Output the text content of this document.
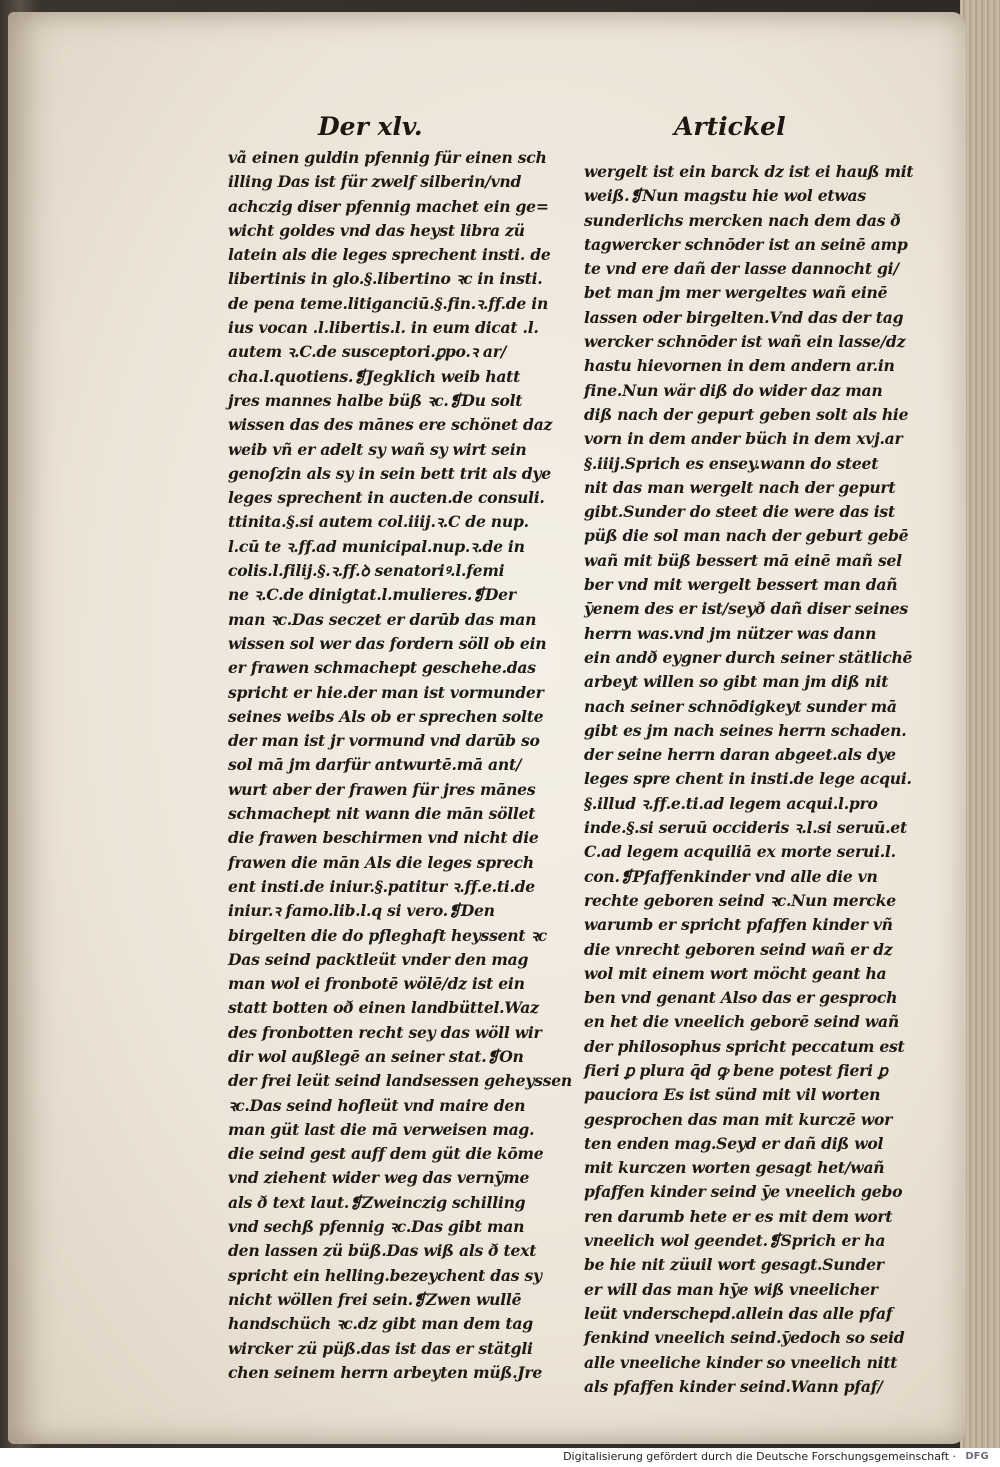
Der xlv.	Artickel
vã einen guldin pfennig für einen sch
illing Das ist für zwelf silberin/vnd
achczig diser pfennig machet ein ge=
wicht goldes vnd das heyst libra zü
latein als die leges sprechent insti. de
libertinis in glo.§.libertino ꝛc in insti.
de pena teme.litiganciū.§.fin.ꝛ.ff.de in
ius vocan .l.libertis.l. in eum dicat .l.
autem ꝛ.C.de susceptori.ꝑpo.ꝛ ar/
cha.l.quotiens.❡Jegklich weib hatt
jres mannes halbe büß ꝛc.❡Du solt
wissen das des mānes ere schönet daz
weib vñ er adelt sy wañ sy wirt sein
genoſzin als sy in sein bett trit als dye
leges sprechent in aucten.de consuli.
ttinita.§.si autem col.iiij.ꝛ.C de nup.
l.cū te ꝛ.ff.ad municipal.nup.ꝛ.de in
colis.l.filij.§.ꝛ.ff.ꝺ senatoriꝰ.l.femi
ne ꝛ.C.de dinigtat.l.mulieres.❡Der
man ꝛc.Das seczet er darūb das man
wissen sol wer das fordern söll ob ein
er frawen schmachept geschehe.das
spricht er hie.der man ist vormunder
seines weibs Als ob er sprechen solte
der man ist jr vormund vnd darūb so
sol mā jm darfür antwurtē.mā ant/
wurt aber der frawen für jres mānes
schmachept nit wann die mān söllet
die frawen beschirmen vnd nicht die
frawen die mān Als die leges sprech
ent insti.de iniur.§.patitur ꝛ.ff.e.ti.de
iniur.ꝛ famo.lib.l.q si vero.❡Den
birgelten die do pfleghaft heyssent ꝛc
Das seind packtleüt vnder den mag
man wol ei fronbotē wölē/dz ist ein
statt botten oð einen landbüttel.Waz
des fronbotten recht sey das wöll wir
dir wol außlegē an seiner stat.❡On
der frei leüt seind landsessen geheyssen
ꝛc.Das seind hofleüt vnd maire den
man güt last die mā verweisen mag.
die seind gest auff dem güt die kōme
vnd ziehent wider weg das vernȳme
als ð text laut.❡Zweinczig schilling
vnd sechß pfennig ꝛc.Das gibt man
den lassen zü büß.Das wiß als ð text
spricht ein helling.bezeychent das sy
nicht wöllen frei sein.❡Zwen wullē
handschüch ꝛc.dz gibt man dem tag
wircker zü püß.das ist das er stätgli
chen seinem herrn arbeyten müß.Jre
wergelt ist ein barck dz ist ei hauß mit
weiß.❡Nun magstu hie wol etwas
sunderlichs mercken nach dem das ð
tagwercker schnōder ist an seinē amp
te vnd ere dañ der lasse dannocht gi/
bet man jm mer wergeltes wañ einē
lassen oder birgelten.Vnd das der tag
wercker schnōder ist wañ ein lasse/dz
hastu hievornen in dem andern ar.in
fine.Nun wär diß do wider daz man
diß nach der gepurt geben solt als hie
vorn in dem ander büch in dem xvj.ar
§.iiij.Sprich es ensey.wann do steet
nit das man wergelt nach der gepurt
gibt.Sunder do steet die were das ist
püß die sol man nach der geburt gebē
wañ mit büß bessert mā einē mañ sel
ber vnd mit wergelt bessert man dañ
ȳenem des er ist/seyð dañ diser seines
herrn was.vnd jm nützer was dann
ein andð eygner durch seiner stätlichē
arbeyt willen so gibt man jm diß nit
nach seiner schnōdigkeyt sunder mā
gibt es jm nach seines herrn schaden.
der seine herrn daran abgeet.als dye
leges spre chent in insti.de lege acqui.
§.illud ꝛ.ff.e.ti.ad legem acqui.l.pro
inde.§.si seruū occideris ꝛ.l.si seruū.et
C.ad legem acquiliā ex morte serui.l.
con.❡Pfaffenkinder vnd alle die vn
rechte geboren seind ꝛc.Nun mercke
warumb er spricht pfaffen kinder vñ
die vnrecht geboren seind wañ er dz
wol mit einem wort möcht geant ha
ben vnd genant Also das er gesproch
en het die vneelich geborē seind wañ
der philosophus spricht peccatum est
fieri ꝑ plura q̄d ꝙ bene potest fieri ꝑ
pauciora Es ist sünd mit vil worten
gesprochen das man mit kurczē wor
ten enden mag.Seyd er dañ diß wol
mit kurczen worten gesagt het/wañ
pfaffen kinder seind ȳe vneelich gebo
ren darumb hete er es mit dem wort
vneelich wol geendet.❡Sprich er ha
be hie nit züuil wort gesagt.Sunder
er will das man hȳe wiß vneelicher
leüt vnderschepd.allein das alle pfaf
fenkind vneelich seind.ȳedoch so seid
alle vneeliche kinder so vneelich nitt
als pfaffen kinder seind.Wann pfaf/
Digitalisierung gefördert durch die Deutsche Forschungsgemeinschaft · DFG
